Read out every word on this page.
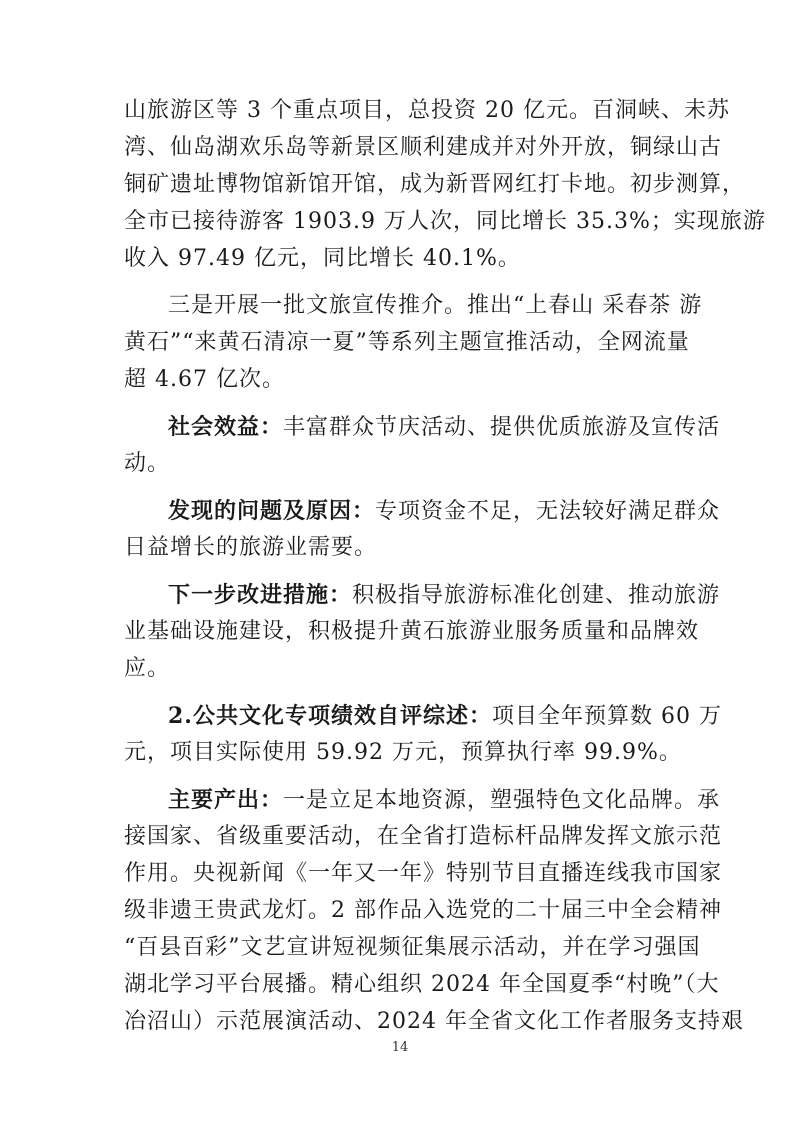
山旅游区等 3 个重点项目，总投资 20 亿元。百洞峡、未苏
湾、仙岛湖欢乐岛等新景区顺利建成并对外开放，铜绿山古
铜矿遗址博物馆新馆开馆，成为新晋网红打卡地。初步测算，
全市已接待游客 1903.9 万人次，同比增长 35.3%；实现旅游
收入 97.49 亿元，同比增长 40.1%。
三是开展一批文旅宣传推介。推出“上春山 采春茶 游
黄石”“来黄石清凉一夏”等系列主题宣推活动，全网流量
超 4.67 亿次。
社会效益：丰富群众节庆活动、提供优质旅游及宣传活
动。
发现的问题及原因：专项资金不足，无法较好满足群众
日益增长的旅游业需要。
下一步改进措施：积极指导旅游标准化创建、推动旅游
业基础设施建设，积极提升黄石旅游业服务质量和品牌效
应。
2.公共文化专项绩效自评综述：项目全年预算数 60 万
元，项目实际使用 59.92 万元，预算执行率 99.9%。
主要产出：一是立足本地资源，塑强特色文化品牌。承
接国家、省级重要活动，在全省打造标杆品牌发挥文旅示范
作用。央视新闻《一年又一年》特别节目直播连线我市国家
级非遗王贵武龙灯。2 部作品入选党的二十届三中全会精神
“百县百彩”文艺宣讲短视频征集展示活动，并在学习强国
湖北学习平台展播。精心组织 2024 年全国夏季“村晚”（大
冶沼山）示范展演活动、2024 年全省文化工作者服务支持艰
14
